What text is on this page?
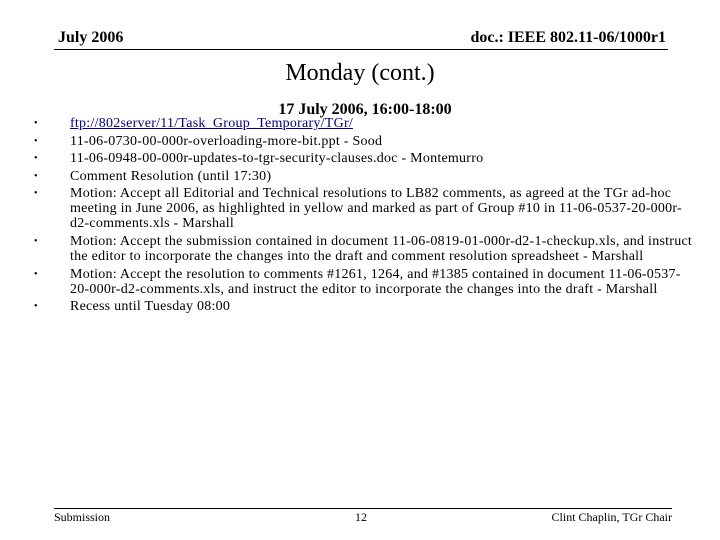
July 2006	doc.: IEEE 802.11-06/1000r1
Monday (cont.)
17 July 2006, 16:00-18:00
•	ftp://802server/11/Task_Group_Temporary/TGr/
•	11-06-0730-00-000r-overloading-more-bit.ppt - Sood
•	11-06-0948-00-000r-updates-to-tgr-security-clauses.doc - Montemurro
•	Comment Resolution (until 17:30)
•	Motion: Accept all Editorial and Technical resolutions to LB82 comments, as agreed at the TGr ad-hoc meeting in June 2006, as highlighted in yellow and marked as part of Group #10 in 11-06-0537-20-000r-d2-comments.xls - Marshall
•	Motion: Accept the submission contained in document 11-06-0819-01-000r-d2-1-checkup.xls, and instruct the editor to incorporate the changes into the draft and comment resolution spreadsheet - Marshall
•	Motion: Accept the resolution to comments #1261, 1264, and #1385 contained in document 11-06-0537-20-000r-d2-comments.xls, and instruct the editor to incorporate the changes into the draft - Marshall
•	Recess until Tuesday 08:00
Submission	12	Clint Chaplin, TGr Chair
